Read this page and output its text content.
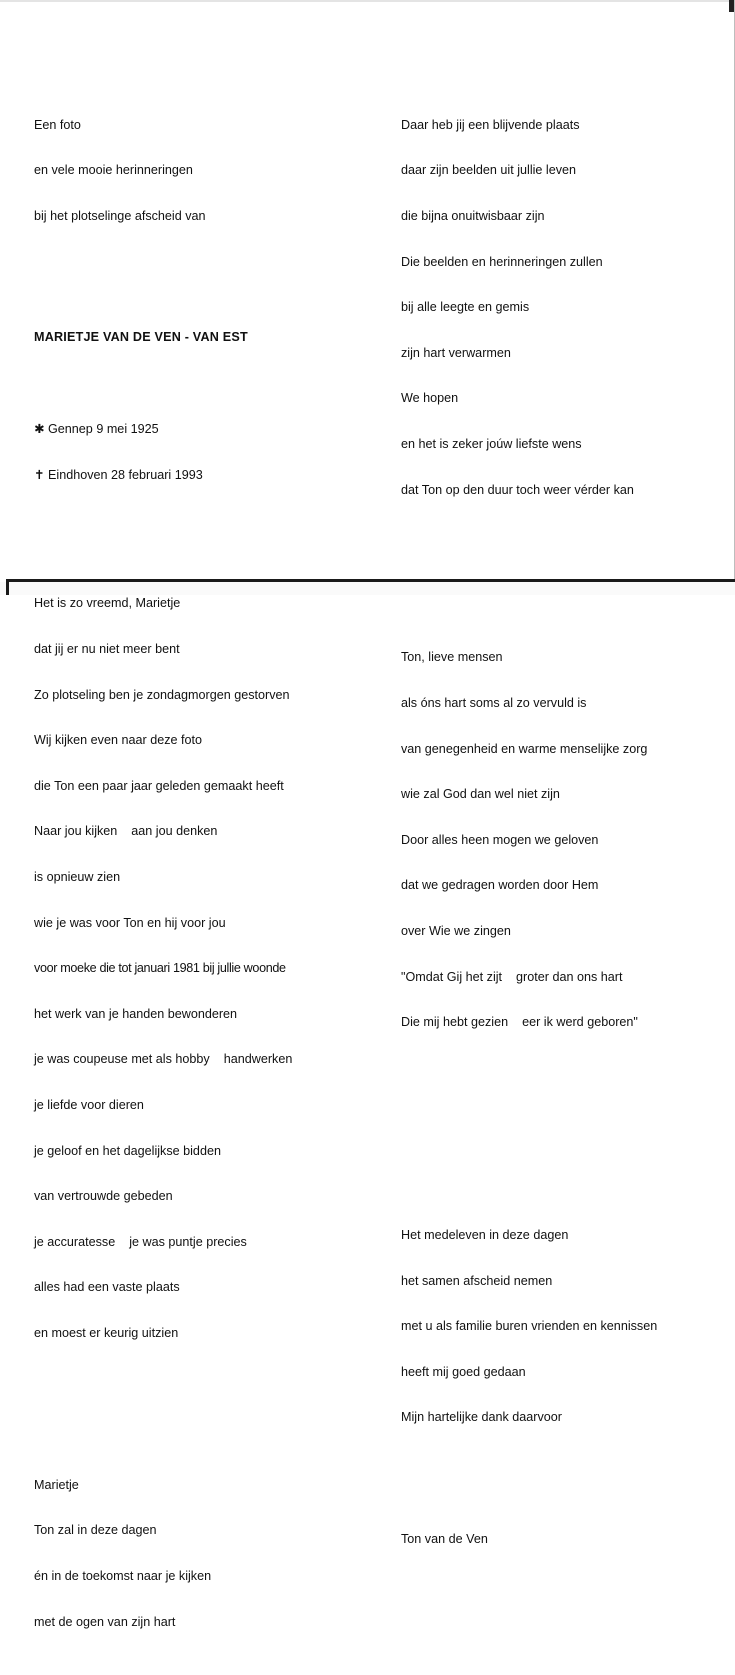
Een foto

en vele mooie herinneringen

bij het plotselinge afscheid van

MARIETJE VAN DE VEN - VAN EST

✱ Gennep 9 mei 1925

✝ Eindhoven 28 februari 1993

Het is zo vreemd, Marietje

dat jij er nu niet meer bent

Zo plotseling ben je zondagmorgen gestorven

Wij kijken even naar deze foto

die Ton een paar jaar geleden gemaakt heeft

Naar jou kijken    aan jou denken

is opnieuw zien

wie je was voor Ton en hij voor jou

voor moeke die tot januari 1981 bij jullie woonde

het werk van je handen bewonderen

je was coupeuse met als hobby    handwerken

je liefde voor dieren

je geloof en het dagelijkse bidden

van vertrouwde gebeden

je accuratesse    je was puntje precies

alles had een vaste plaats

en moest er keurig uitzien

Marietje

Ton zal in deze dagen

én in de toekomst naar je kijken

met de ogen van zijn hart

Daar heb jij een blijvende plaats

daar zijn beelden uit jullie leven

die bijna onuitwisbaar zijn

Die beelden en herinneringen zullen

bij alle leegte en gemis

zijn hart verwarmen

We hopen

en het is zeker joúw liefste wens

dat Ton op den duur toch weer vérder kan

Ton, lieve mensen

als óns hart soms al zo vervuld is

van genegenheid en warme menselijke zorg

wie zal God dan wel niet zijn

Door alles heen mogen we geloven

dat we gedragen worden door Hem

over Wie we zingen

"Omdat Gij het zijt    groter dan ons hart

Die mij hebt gezien    eer ik werd geboren"

Het medeleven in deze dagen

het samen afscheid nemen

met u als familie buren vrienden en kennissen

heeft mij goed gedaan

Mijn hartelijke dank daarvoor

Ton van de Ven
